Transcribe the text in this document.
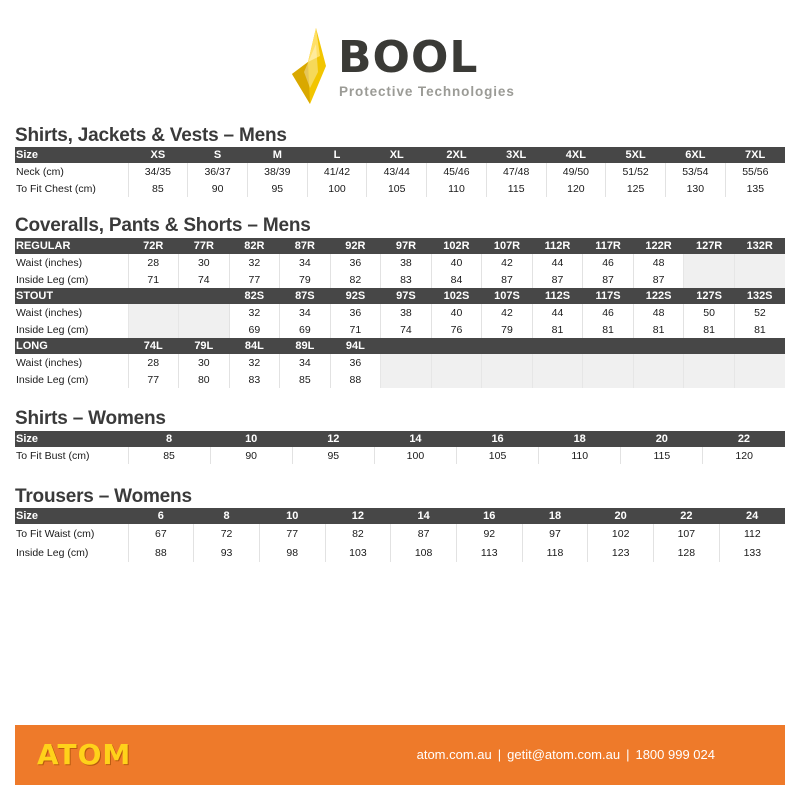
BOOL
Protective Technologies
Shirts, Jackets & Vests – Mens
Size	XS	S	M	L	XL	2XL	3XL	4XL	5XL	6XL	7XL
Neck (cm)	34/35	36/37	38/39	41/42	43/44	45/46	47/48	49/50	51/52	53/54	55/56
To Fit Chest (cm)	85	90	95	100	105	110	115	120	125	130	135
Coveralls, Pants & Shorts – Mens
REGULAR	72R	77R	82R	87R	92R	97R	102R	107R	112R	117R	122R	127R	132R
Waist (inches)	28	30	32	34	36	38	40	42	44	46	48		
Inside Leg (cm)	71	74	77	79	82	83	84	87	87	87	87		
STOUT			82S	87S	92S	97S	102S	107S	112S	117S	122S	127S	132S
Waist (inches)			32	34	36	38	40	42	44	46	48	50	52
Inside Leg (cm)			69	69	71	74	76	79	81	81	81	81	81
LONG	74L	79L	84L	89L	94L								
Waist (inches)	28	30	32	34	36								
Inside Leg (cm)	77	80	83	85	88								
Shirts – Womens
Size	8	10	12	14	16	18	20	22
To Fit Bust (cm)	85	90	95	100	105	110	115	120
Trousers – Womens
Size	6	8	10	12	14	16	18	20	22	24
To Fit Waist (cm)	67	72	77	82	87	92	97	102	107	112
Inside Leg (cm)	88	93	98	103	108	113	118	123	128	133
ATOM	atom.com.au | getit@atom.com.au | 1800 999 024
